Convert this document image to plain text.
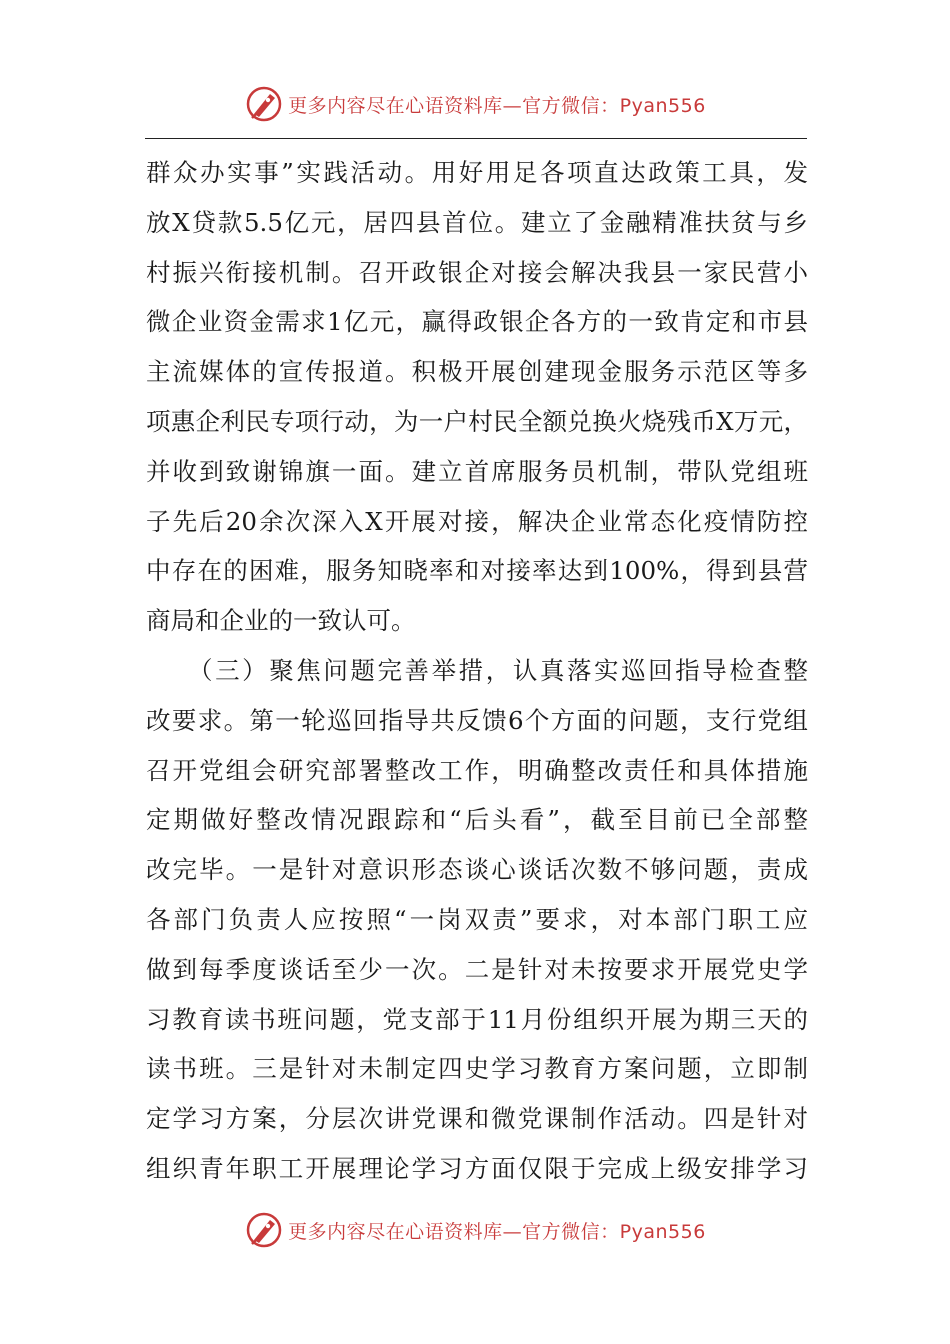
更多内容尽在心语资料库—官方微信：Pyan556
群众办实事”实践活动。用好用足各项直达政策工具，发
放X贷款5.5亿元，居四县首位。建立了金融精准扶贫与乡
村振兴衔接机制。召开政银企对接会解决我县一家民营小
微企业资金需求1亿元，赢得政银企各方的一致肯定和市县
主流媒体的宣传报道。积极开展创建现金服务示范区等多
项惠企利民专项行动，为一户村民全额兑换火烧残币X万元，
并收到致谢锦旗一面。建立首席服务员机制，带队党组班
子先后20余次深入X开展对接，解决企业常态化疫情防控
中存在的困难，服务知晓率和对接率达到100%，得到县营
商局和企业的一致认可。
（三）聚焦问题完善举措，认真落实巡回指导检查整
改要求。第一轮巡回指导共反馈6个方面的问题，支行党组
召开党组会研究部署整改工作，明确整改责任和具体措施
定期做好整改情况跟踪和“后头看”，截至目前已全部整
改完毕。一是针对意识形态谈心谈话次数不够问题，责成
各部门负责人应按照“一岗双责”要求，对本部门职工应
做到每季度谈话至少一次。二是针对未按要求开展党史学
习教育读书班问题，党支部于11月份组织开展为期三天的
读书班。三是针对未制定四史学习教育方案问题，立即制
定学习方案，分层次讲党课和微党课制作活动。四是针对
组织青年职工开展理论学习方面仅限于完成上级安排学习
更多内容尽在心语资料库—官方微信：Pyan556
